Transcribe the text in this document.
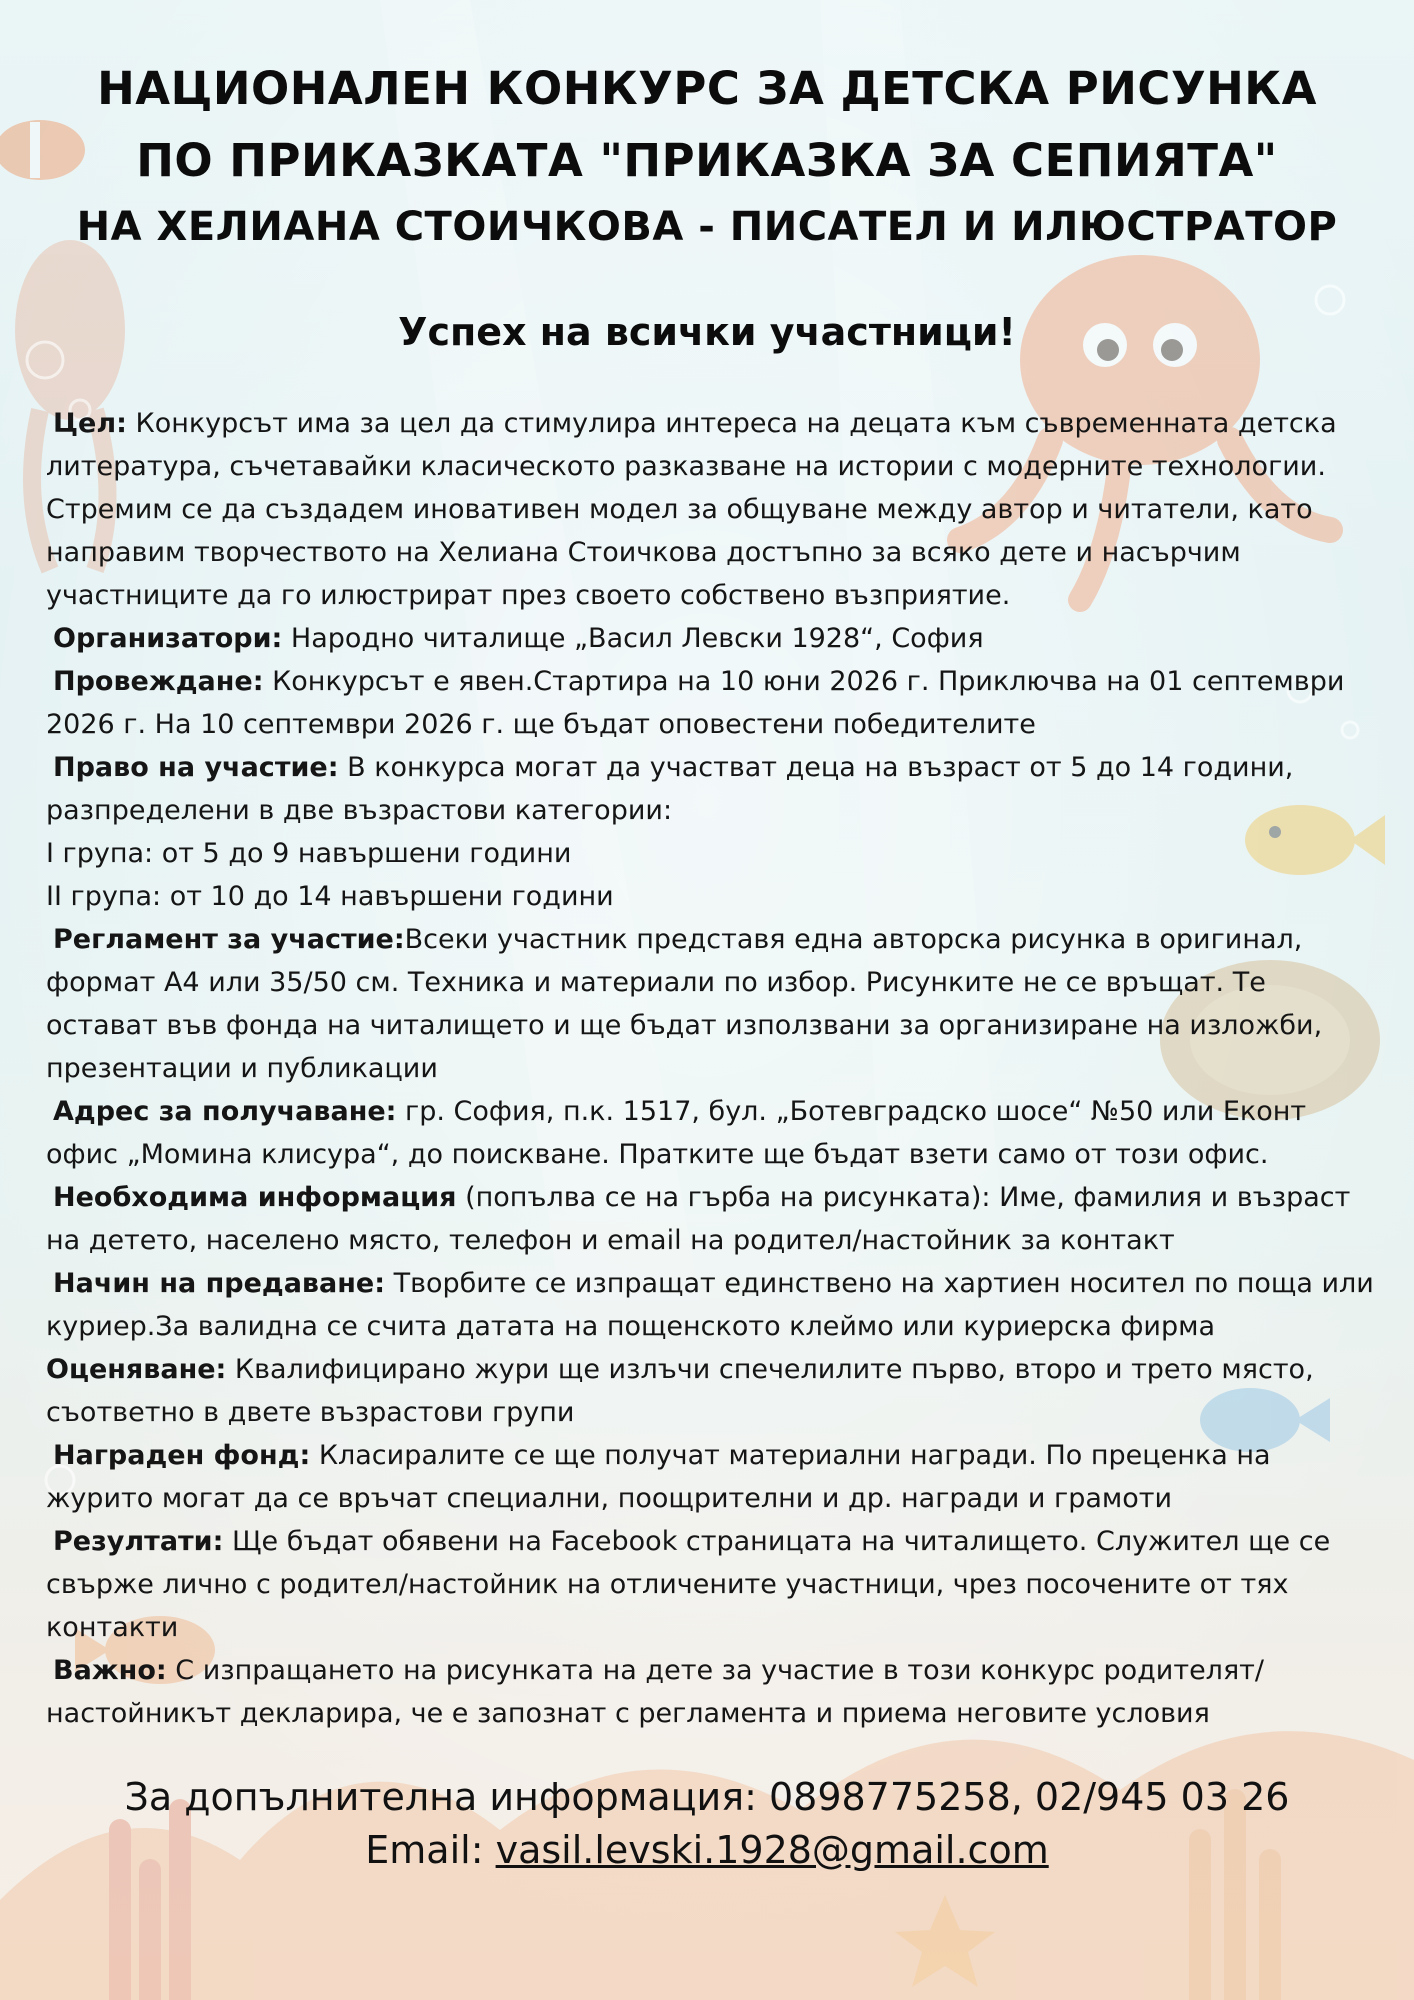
НАЦИОНАЛЕН КОНКУРС ЗА ДЕТСКА РИСУНКА
ПО ПРИКАЗКАТА "ПРИКАЗКА ЗА СЕПИЯТА"
НА ХЕЛИАНА СТОИЧКОВА - ПИСАТЕЛ И ИЛЮСТРАТОР
Успех на всички участници!

Цел: Конкурсът има за цел да стимулира интереса на децата към съвременната детска литература, съчетавайки класическото разказване на истории с модерните технологии. Стремим се да създадем иновативен модел за общуване между автор и читатели, като направим творчеството на Хелиана Стоичкова достъпно за всяко дете и насърчим участниците да го илюстрират през своето собствено възприятие.

Организатори: Народно читалище „Васил Левски 1928“, София

Провеждане: Конкурсът е явен.Стартира на 10 юни 2026 г. Приключва на 01 септември 2026 г. На 10 септември 2026 г. ще бъдат оповестени победителите

Право на участие: В конкурса могат да участват деца на възраст от 5 до 14 години, разпределени в две възрастови категории:

I група: от 5 до 9 навършени години

II група: от 10 до 14 навършени години

Регламент за участие:Всеки участник представя една авторска рисунка в оригинал, формат А4 или 35/50 см. Техника и материали по избор. Рисунките не се връщат. Те остават във фонда на читалището и ще бъдат използвани за организиране на изложби, презентации и публикации

Адрес за получаване: гр. София, п.к. 1517, бул. „Ботевградско шосе“ №50 или Еконт офис „Момина клисура“, до поискване. Пратките ще бъдат взети само от този офис.

Необходима информация (попълва се на гърба на рисунката): Име, фамилия и възраст на детето, населено място, телефон и email на родител/настойник за контакт

Начин на предаване: Творбите се изпращат единствено на хартиен носител по поща или куриер.За валидна се счита датата на пощенското клеймо или куриерска фирма

Оценяване: Квалифицирано жури ще излъчи спечелилите първо, второ и трето място, съответно в двете възрастови групи

Награден фонд: Класиралите се ще получат материални награди. По преценка на журито могат да се връчат специални, поощрителни и др. награди и грамоти

Резултати: Ще бъдат обявени на Facebook страницата на читалището. Служител ще се свърже лично с родител/настойник на отличените участници, чрез посочените от тях контакти

Важно: С изпращането на рисунката на дете за участие в този конкурс родителят/ настойникът декларира, че е запознат с регламента и приема неговите условия

За допълнителна информация: 0898775258, 02/945 03 26
Email: vasil.levski.1928@gmail.com
